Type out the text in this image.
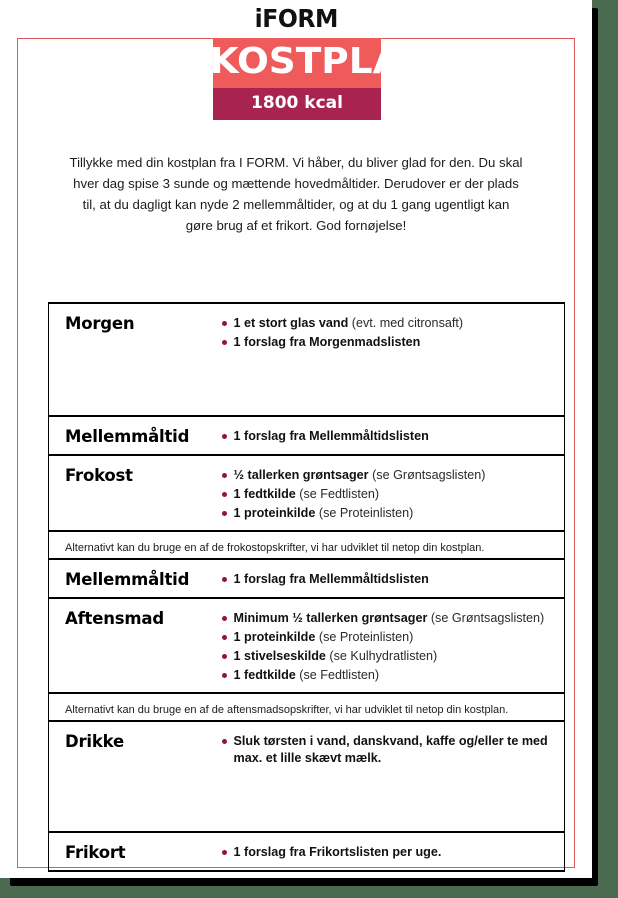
iFORM
KOSTPLAN
1800 kcal
Tillykke med din kostplan fra I FORM. Vi håber, du bliver glad for den. Du skal hver dag spise 3 sunde og mættende hovedmåltider. Derudover er der plads til, at du dagligt kan nyde 2 mellemmåltider, og at du 1 gang ugentligt kan gøre brug af et frikort. God fornøjelse!
Morgen	1 et stort glas vand (evt. med citronsaft)
1 forslag fra Morgenmadslisten

Mellemmåltid	1 forslag fra Mellemmåltidslisten

Frokost	½ tallerken grøntsager (se Grøntsagslisten)
1 fedtkilde (se Fedtlisten)
1 proteinkilde (se Proteinlisten)

Alternativt kan du bruge en af de frokostopskrifter, vi har udviklet til netop din kostplan.	

Mellemmåltid	1 forslag fra Mellemmåltidslisten

Aftensmad	Minimum ½ tallerken grøntsager (se Grøntsagslisten)
1 proteinkilde (se Proteinlisten)
1 stivelseskilde (se Kulhydratlisten)
1 fedtkilde (se Fedtlisten)

Alternativt kan du bruge en af de aftensmadsopskrifter, vi har udviklet til netop din kostplan.	

Drikke	Sluk tørsten i vand, danskvand, kaffe og/eller te med max. et lille skævt mælk.

Frikort	1 forslag fra Frikortslisten per uge.
